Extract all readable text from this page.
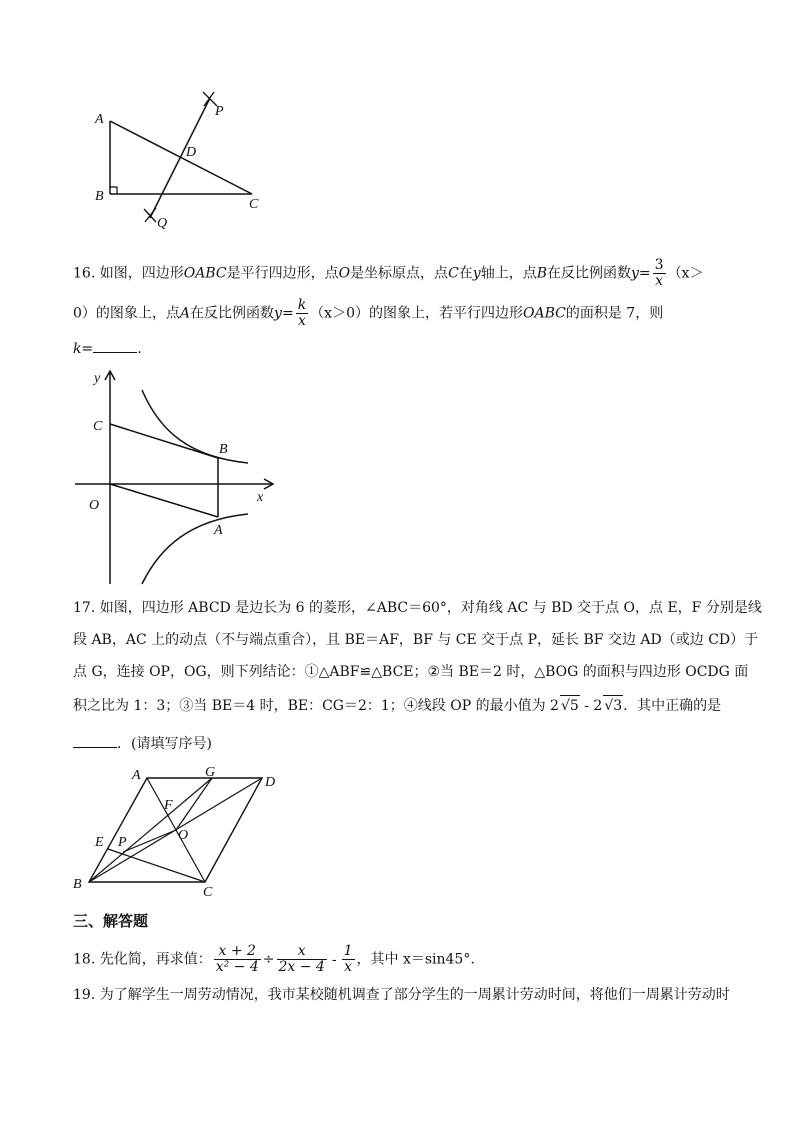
A
B
C
D
P
Q
16. 如图，四边形OABC是平行四边形，点O是坐标原点，点C在y轴上，点B在反比例函数$y= \frac{3}{x} (x>$
0）的图象上，点A在反比例函数$y= \frac{k}{x} (x>0)$的图象上，若平行四边形OABC的面积是 7，则
k=	.
y
x
O
C
B
A
17. 如图，四边形 ABCD 是边长为 6 的菱形，∠ABC＝60°，对角线 AC 与 BD 交于点 O，点 E，F 分别是线
段 AB，AC 上的动点（不与端点重合），且 BE＝AF，BF 与 CE 交于点 P，延长 BF 交边 AD（或边 CD）于
点 G，连接 OP，OG，则下列结论：①△ABF≌△BCE；②当 BE＝2 时，△BOG 的面积与四边形 OCDG 面
积之比为 1：3；③当 BE＝4 时，BE：CG＝2：1；④线段 OP 的最小值为 2 √5 - 2 √3．其中正确的是
．(请填写序号)
A	G
D
F
O
E P
B
C
三、解答题
18. 先化简，再求值： $\frac{x + 2}{\text{x² − 4}} \div \frac{x}{2x - 4} - \frac{1}{x}$ ，其中 x＝sin45°.
19. 为了解学生一周劳动情况，我市某校随机调查了部分学生的一周累计劳动时间，将他们一周累计劳动时
